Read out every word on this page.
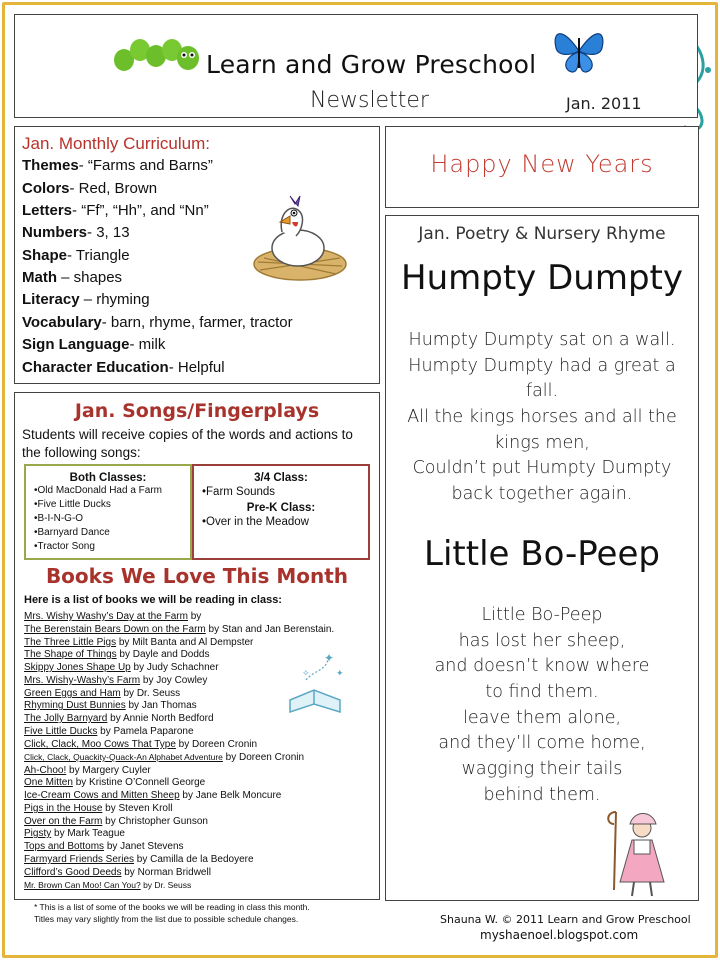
Learn and Grow Preschool
Newsletter	Jan. 2011
Jan. Monthly Curriculum:
Themes- “Farms and Barns”
Colors- Red, Brown
Letters- “Ff”, “Hh”, and “Nn”
Numbers- 3, 13
Shape- Triangle
Math – shapes
Literacy – rhyming
Vocabulary- barn, rhyme, farmer, tractor
Sign Language- milk
Character Education- Helpful
Happy New Years
Jan. Poetry & Nursery Rhyme
Humpty Dumpty
Humpty Dumpty sat on a wall.
Humpty Dumpty had a great a
fall.
All the kings horses and all the
kings men,
Couldn’t put Humpty Dumpty
back together again.
Little Bo-Peep
Little Bo-Peep
has lost her sheep,
and doesn’t know where
to find them.
leave them alone,
and they’ll come home,
wagging their tails
behind them.
Jan. Songs/Fingerplays
Students will receive copies of the words and actions to the following songs:
Both Classes:
•Old MacDonald Had a Farm
•Five Little Ducks
•B-I-N-G-O
•Barnyard Dance
•Tractor Song
3/4 Class:
•Farm Sounds
Pre-K Class:
•Over in the Meadow
Books We Love This Month
Here is a list of books we will be reading in class:
Mrs. Wishy Washy’s Day at the Farm by
The Berenstain Bears Down on the Farm by Stan and Jan Berenstain.
The Three Little Pigs by Milt Banta and Al Dempster
The Shape of Things by Dayle and Dodds
Skippy Jones Shape Up by Judy Schachner
Mrs. Wishy-Washy’s Farm by Joy Cowley
Green Eggs and Ham by Dr. Seuss
Rhyming Dust Bunnies by Jan Thomas
The Jolly Barnyard by Annie North Bedford
Five Little Ducks by Pamela Paparone
Click, Clack, Moo Cows That Type by Doreen Cronin
Click, Clack, Quackity-Quack-An Alphabet Adventure by Doreen Cronin
Ah-Choo! by Margery Cuyler
One Mitten by Kristine O’Connell George
Ice-Cream Cows and Mitten Sheep by Jane Belk Moncure
Pigs in the House by Steven Kroll
Over on the Farm by Christopher Gunson
Pigsty by Mark Teague
Tops and Bottoms by Janet Stevens
Farmyard Friends Series by Camilla de la Bedoyere
Clifford’s Good Deeds by Norman Bridwell
Mr. Brown Can Moo! Can You? by Dr. Seuss
✦
✦
✧
* This is a list of some of the books we will be reading in class this month.
Titles may vary slightly from the list due to possible schedule changes.	Shauna W. © 2011 Learn and Grow Preschool
myshaenoel.blogspot.com
